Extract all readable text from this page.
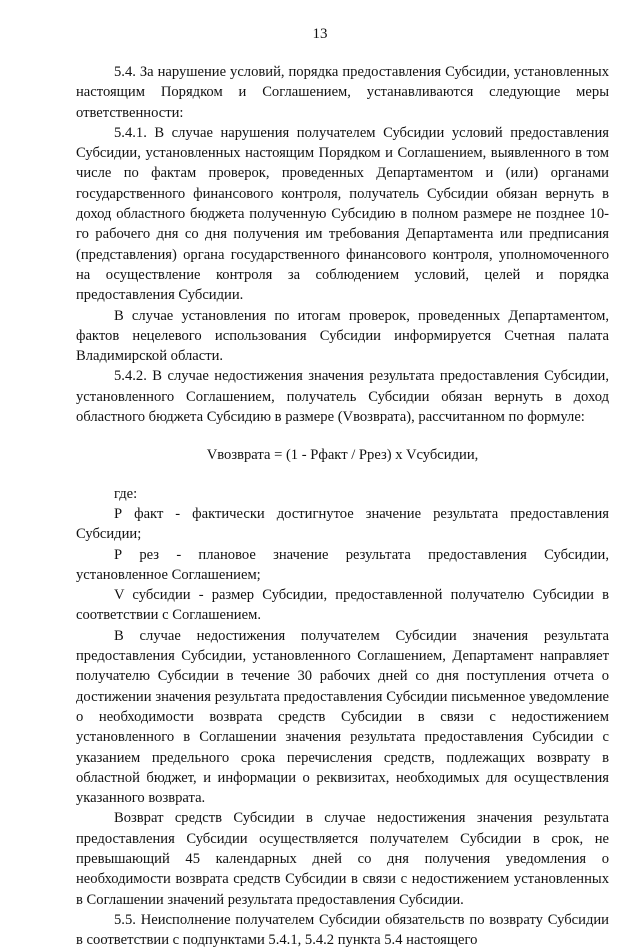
13

5.4. За нарушение условий, порядка предоставления Субсидии, установленных настоящим Порядком и Соглашением, устанавливаются следующие меры ответственности:

5.4.1. В случае нарушения получателем Субсидии условий предоставления Субсидии, установленных настоящим Порядком и Соглашением, выявленного в том числе по фактам проверок, проведенных Департаментом и (или) органами государственного финансового контроля, получатель Субсидии обязан вернуть в доход областного бюджета полученную Субсидию в полном размере не позднее 10-го рабочего дня со дня получения им требования Департамента или предписания (представления) органа государственного финансового контроля, уполномоченного на осуществление контроля за соблюдением условий, целей и порядка предоставления Субсидии.

В случае установления по итогам проверок, проведенных Департаментом, фактов нецелевого использования Субсидии информируется Счетная палата Владимирской области.

5.4.2. В случае недостижения значения результата предоставления Субсидии, установленного Соглашением, получатель Субсидии обязан вернуть в доход областного бюджета Субсидию в размере (Vвозврата), рассчитанном по формуле:

Vвозврата = (1 - Рфакт / Рpез) x Vсубсидии,

где:

Р факт - фактически достигнутое значение результата предоставления Субсидии;

Р рез - плановое значение результата предоставления Субсидии, установленное Соглашением;

V субсидии - размер Субсидии, предоставленной получателю Субсидии в соответствии с Соглашением.

В случае недостижения получателем Субсидии значения результата предоставления Субсидии, установленного Соглашением, Департамент направляет получателю Субсидии в течение 30 рабочих дней со дня поступления отчета о достижении значения результата предоставления Субсидии письменное уведомление о необходимости возврата средств Субсидии в связи с недостижением установленного в Соглашении значения результата предоставления Субсидии с указанием предельного срока перечисления средств, подлежащих возврату в областной бюджет, и информации о реквизитах, необходимых для осуществления указанного возврата.

Возврат средств Субсидии в случае недостижения значения результата предоставления Субсидии осуществляется получателем Субсидии в срок, не превышающий 45 календарных дней со дня получения уведомления о необходимости возврата средств Субсидии в связи с недостижением установленных в Соглашении значений результата предоставления Субсидии.

5.5. Неисполнение получателем Субсидии обязательств по возврату Субсидии в соответствии с подпунктами 5.4.1, 5.4.2 пункта 5.4 настоящего
